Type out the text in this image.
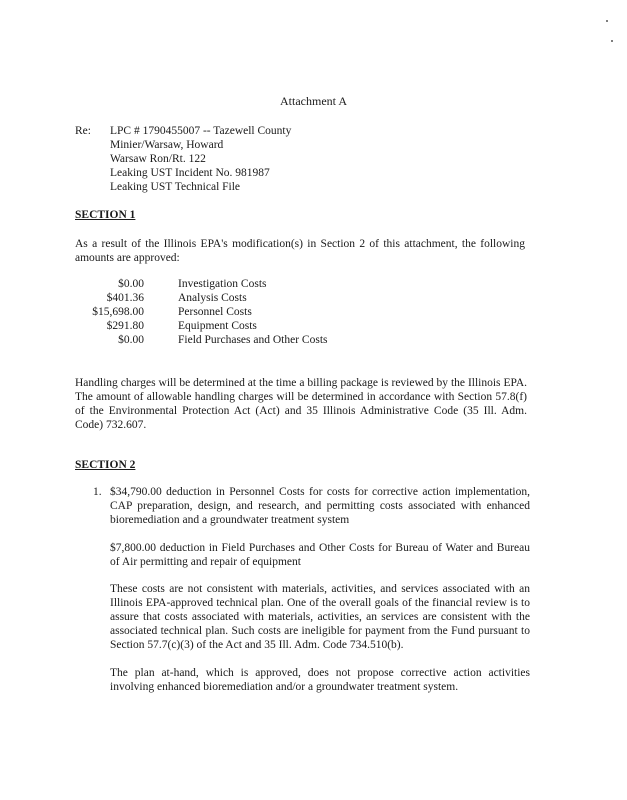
Attachment A
Re: LPC # 1790455007 -- Tazewell County
Minier/Warsaw, Howard
Warsaw Ron/Rt. 122
Leaking UST Incident No. 981987
Leaking UST Technical File
SECTION 1
As a result of the Illinois EPA's modification(s) in Section 2 of this attachment, the following amounts are approved:
$0.00	Investigation Costs
$401.36	Analysis Costs
$15,698.00	Personnel Costs
$291.80	Equipment Costs
$0.00	Field Purchases and Other Costs
Handling charges will be determined at the time a billing package is reviewed by the Illinois EPA. The amount of allowable handling charges will be determined in accordance with Section 57.8(f) of the Environmental Protection Act (Act) and 35 Illinois Administrative Code (35 Ill. Adm. Code) 732.607.
SECTION 2
1. $34,790.00 deduction in Personnel Costs for costs for corrective action implementation, CAP preparation, design, and research, and permitting costs associated with enhanced bioremediation and a groundwater treatment system
$7,800.00 deduction in Field Purchases and Other Costs for Bureau of Water and Bureau of Air permitting and repair of equipment
These costs are not consistent with materials, activities, and services associated with an Illinois EPA-approved technical plan. One of the overall goals of the financial review is to assure that costs associated with materials, activities, an services are consistent with the associated technical plan. Such costs are ineligible for payment from the Fund pursuant to Section 57.7(c)(3) of the Act and 35 Ill. Adm. Code 734.510(b).
The plan at-hand, which is approved, does not propose corrective action activities involving enhanced bioremediation and/or a groundwater treatment system.
